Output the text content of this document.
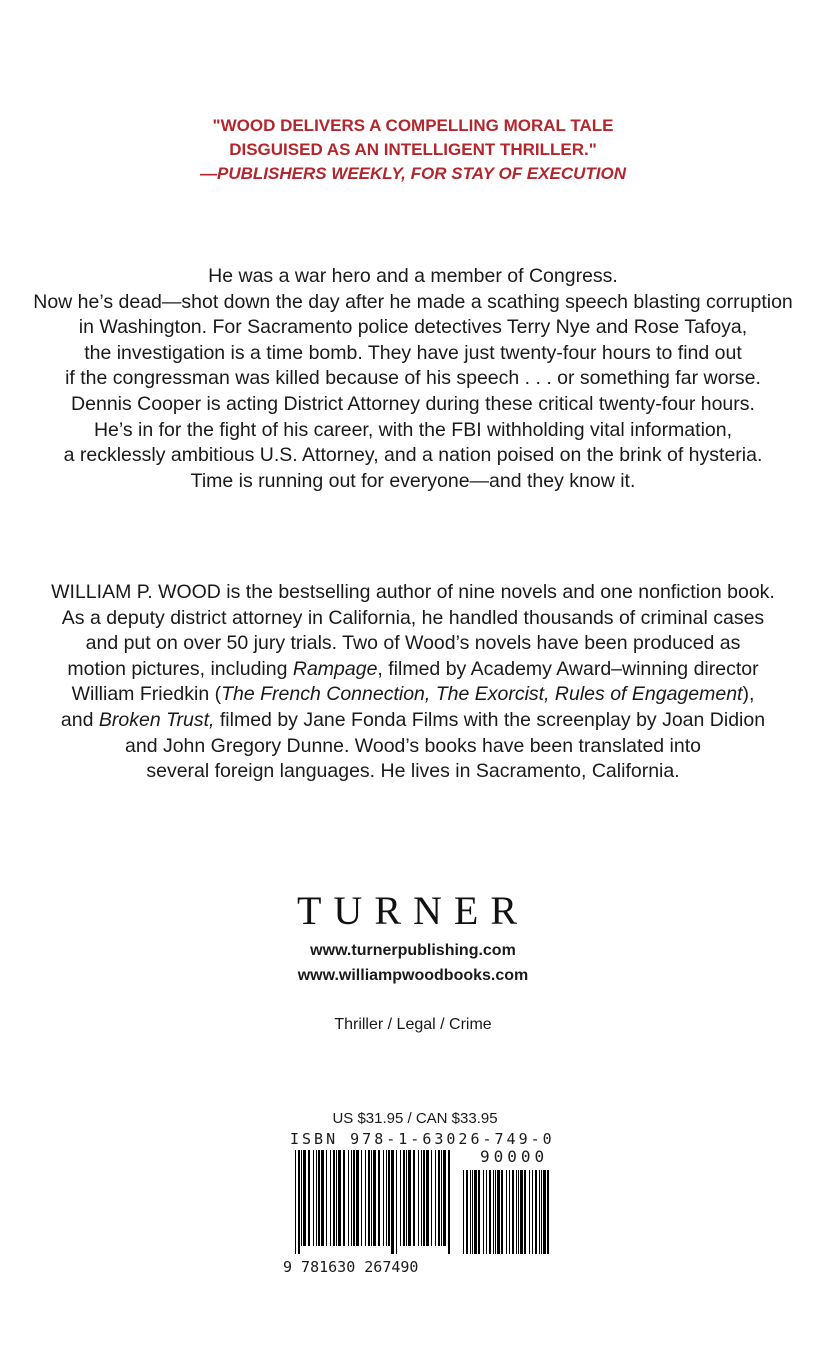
"WOOD DELIVERS A COMPELLING MORAL TALE
DISGUISED AS AN INTELLIGENT THRILLER."
—PUBLISHERS WEEKLY, FOR STAY OF EXECUTION
He was a war hero and a member of Congress.
Now he’s dead—shot down the day after he made a scathing speech blasting corruption
in Washington. For Sacramento police detectives Terry Nye and Rose Tafoya,
the investigation is a time bomb. They have just twenty-four hours to find out
if the congressman was killed because of his speech . . . or something far worse.
Dennis Cooper is acting District Attorney during these critical twenty-four hours.
He’s in for the fight of his career, with the FBI withholding vital information,
a recklessly ambitious U.S. Attorney, and a nation poised on the brink of hysteria.
Time is running out for everyone—and they know it.
WILLIAM P. WOOD is the bestselling author of nine novels and one nonfiction book.
As a deputy district attorney in California, he handled thousands of criminal cases
and put on over 50 jury trials. Two of Wood’s novels have been produced as
motion pictures, including Rampage, filmed by Academy Award–winning director
William Friedkin (The French Connection, The Exorcist, Rules of Engagement),
and Broken Trust, filmed by Jane Fonda Films with the screenplay by Joan Didion
and John Gregory Dunne. Wood’s books have been translated into
several foreign languages. He lives in Sacramento, California.
TURNER
www.turnerpublishing.com
www.williampwoodbooks.com
Thriller / Legal / Crime
US $31.95 / CAN $33.95
ISBN 978-1-63026-749-0
90000
9 781630 267490
